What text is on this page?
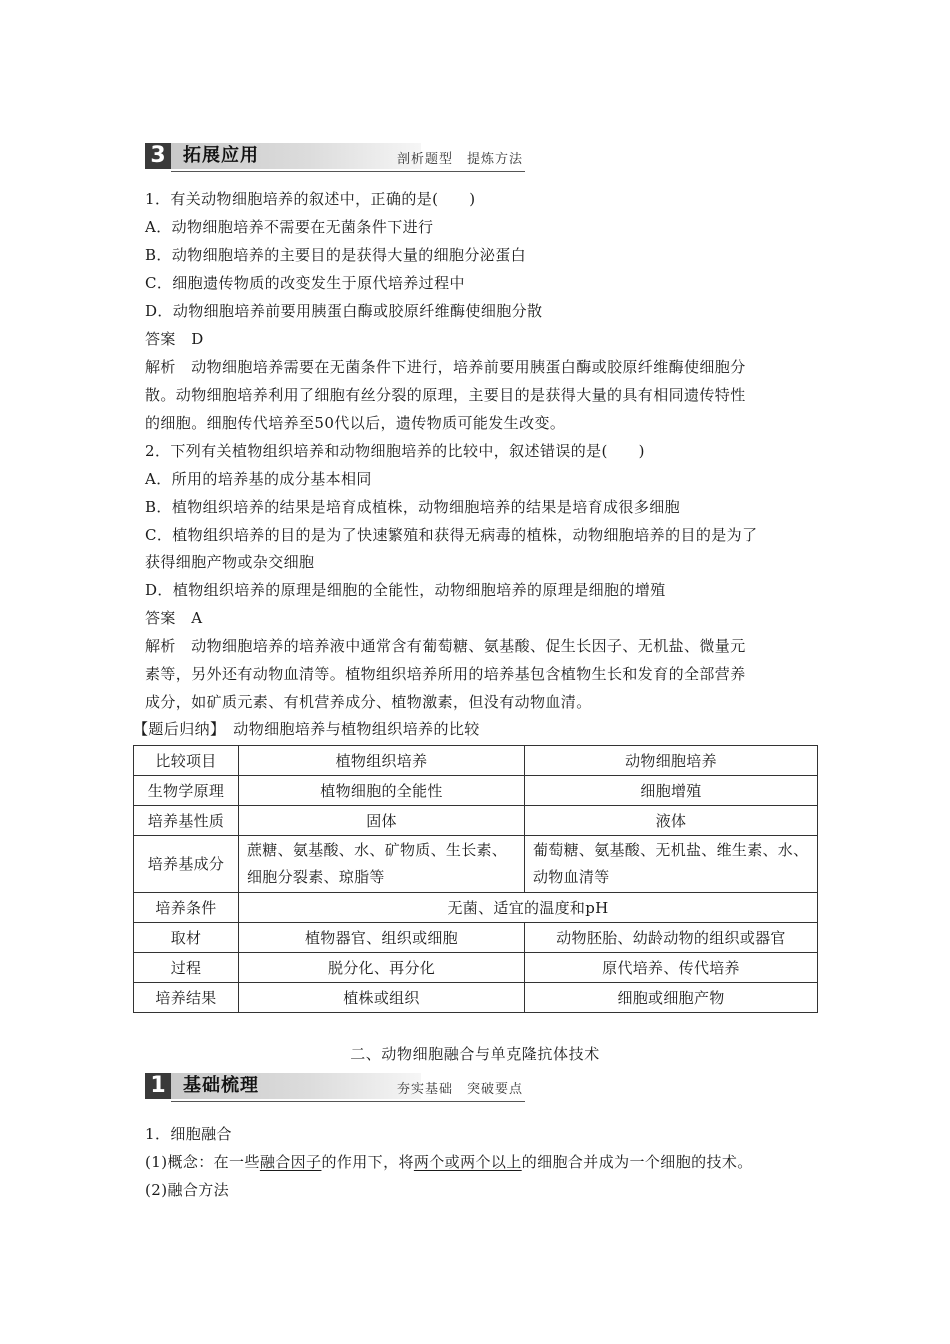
3 拓展应用	剖析题型　提炼方法
1．有关动物细胞培养的叙述中，正确的是(　　)
A．动物细胞培养不需要在无菌条件下进行
B．动物细胞培养的主要目的是获得大量的细胞分泌蛋白
C．细胞遗传物质的改变发生于原代培养过程中
D．动物细胞培养前要用胰蛋白酶或胶原纤维酶使细胞分散
答案　D
解析　动物细胞培养需要在无菌条件下进行，培养前要用胰蛋白酶或胶原纤维酶使细胞分
散。动物细胞培养利用了细胞有丝分裂的原理，主要目的是获得大量的具有相同遗传特性
的细胞。细胞传代培养至50代以后，遗传物质可能发生改变。
2．下列有关植物组织培养和动物细胞培养的比较中，叙述错误的是(　　)
A．所用的培养基的成分基本相同
B．植物组织培养的结果是培育成植株，动物细胞培养的结果是培育成很多细胞
C．植物组织培养的目的是为了快速繁殖和获得无病毒的植株，动物细胞培养的目的是为了
获得细胞产物或杂交细胞
D．植物组织培养的原理是细胞的全能性，动物细胞培养的原理是细胞的增殖
答案　A
解析　动物细胞培养的培养液中通常含有葡萄糖、氨基酸、促生长因子、无机盐、微量元
素等，另外还有动物血清等。植物组织培养所用的培养基包含植物生长和发育的全部营养
成分，如矿质元素、有机营养成分、植物激素，但没有动物血清。
【题后归纳】　动物细胞培养与植物组织培养的比较
比较项目	植物组织培养	动物细胞培养
生物学原理	植物细胞的全能性	细胞增殖
培养基性质	固体	液体
培养基成分	蔗糖、氨基酸、水、矿物质、生长素、细胞分裂素、琼脂等	葡萄糖、氨基酸、无机盐、维生素、水、动物血清等
培养条件	无菌、适宜的温度和pH	
取材	植物器官、组织或细胞	动物胚胎、幼龄动物的组织或器官
过程	脱分化、再分化	原代培养、传代培养
培养结果	植株或组织	细胞或细胞产物
二、动物细胞融合与单克隆抗体技术
1 基础梳理	夯实基础　突破要点
1．细胞融合
(1)概念：在一些融合因子的作用下，将两个或两个以上的细胞合并成为一个细胞的技术。
(2)融合方法
